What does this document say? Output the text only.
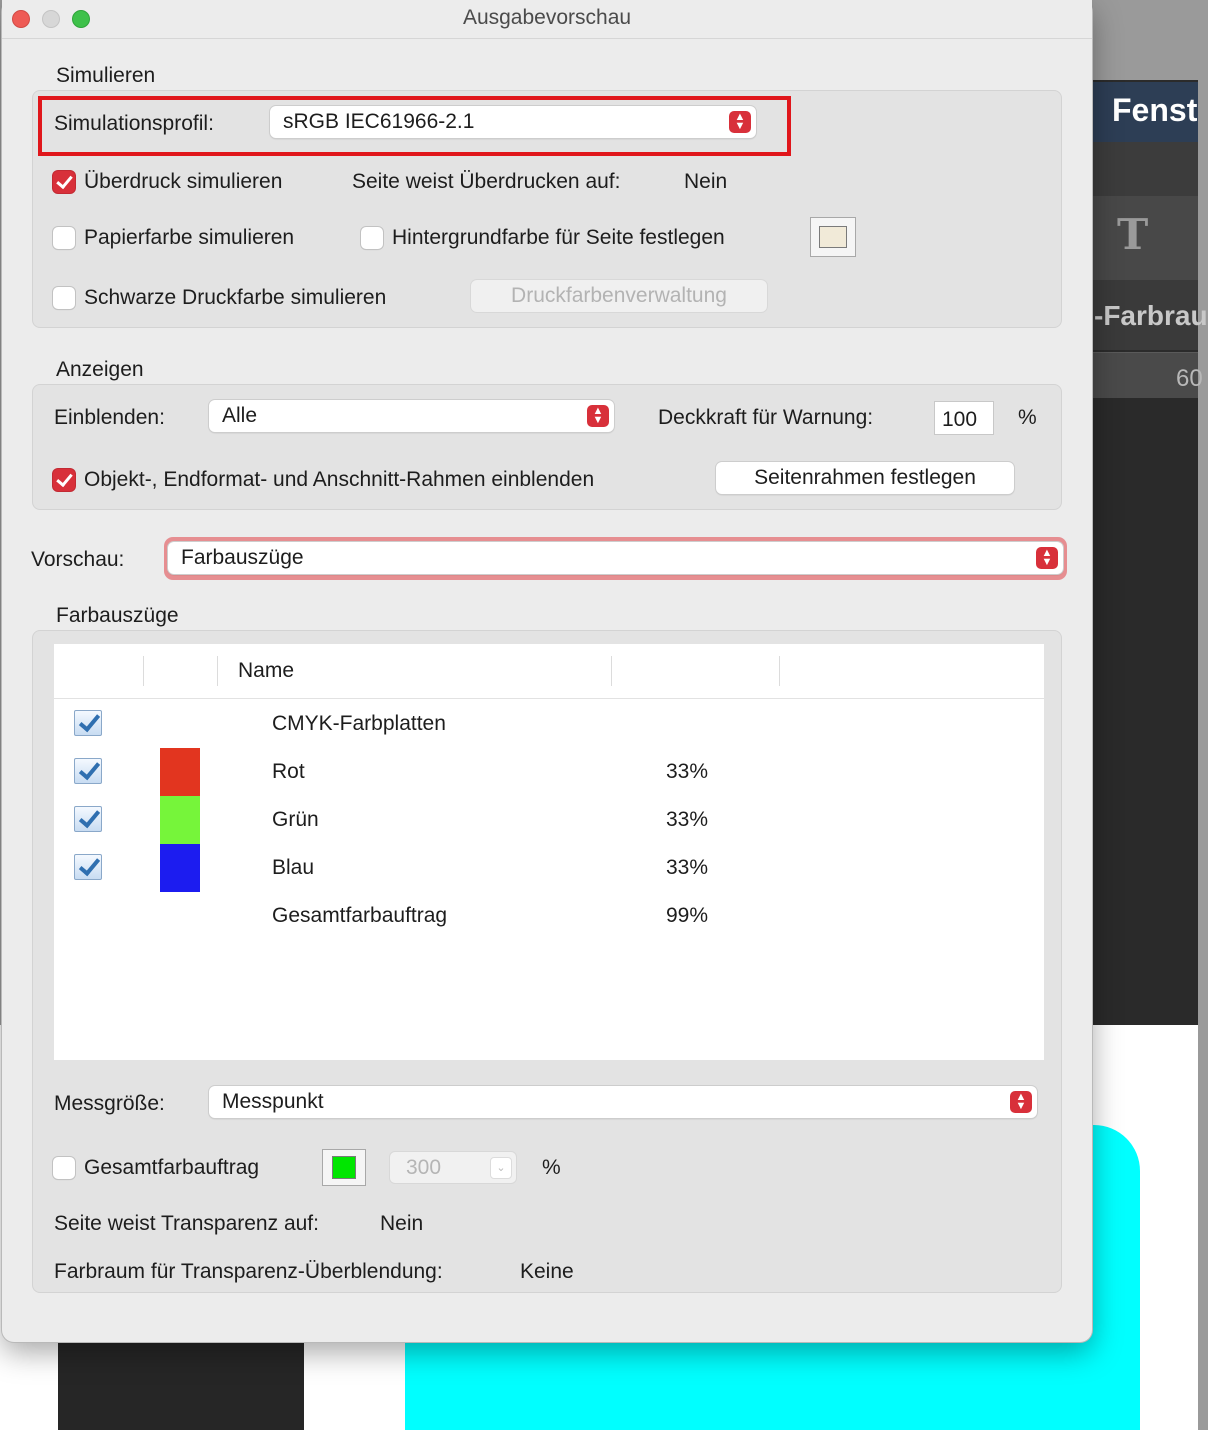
Fenst
T
-Farbrau
60
Ausgabevorschau
Simulieren
Simulationsprofil:	sRGB IEC61966-2.1	▲
▼
Überdruck simulieren	Seite weist Überdrucken auf:	Nein
Papierfarbe simulieren	Hintergrundfarbe für Seite festlegen
Schwarze Druckfarbe simulieren	Druckfarbenverwaltung
Anzeigen
Einblenden:	Alle	▲
▼	Deckkraft für Warnung:	100	%
Objekt-, Endformat- und Anschnitt-Rahmen einblenden	Seitenrahmen festlegen
Vorschau:	Farbauszüge	▲
▼
Farbauszüge
Name
CMYK-Farbplatten
Rot	33%
Grün	33%
Blau	33%
Gesamtfarbauftrag	99%
Messgröße:	Messpunkt	▲
▼
Gesamtfarbauftrag	300	⌄	%
Seite weist Transparenz auf:	Nein
Farbraum für Transparenz-Überblendung:	Keine
